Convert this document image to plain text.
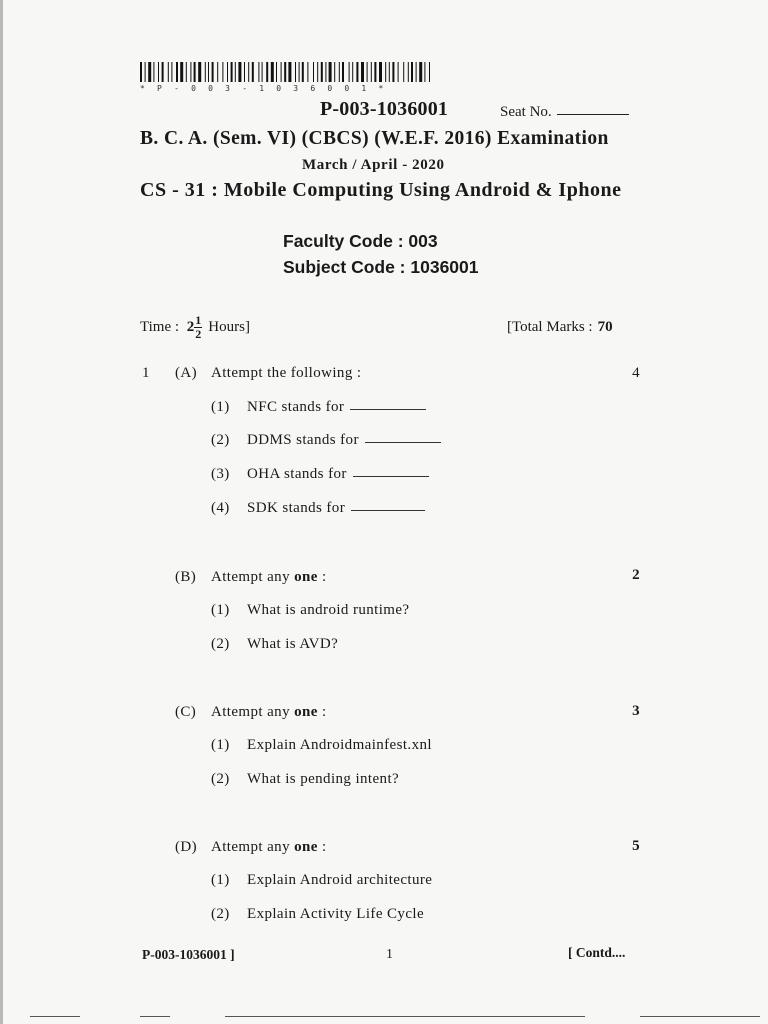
* P - 0 0 3 - 1 0 3 6 0 0 1 *
P-003-1036001	Seat No.
B. C. A. (Sem. VI) (CBCS) (W.E.F. 2016) Examination
March / April - 2020
CS - 31 : Mobile Computing Using Android & Iphone
Faculty Code : 003
Subject Code : 1036001
Time : $2 \frac{1}{2}$ Hours]	[Total Marks : 70
1 (A) Attempt the following :	4
(1) NFC stands for
(2) DDMS stands for
(3) OHA stands for
(4) SDK stands for
(B) Attempt any one :	2
(1) What is android runtime?
(2) What is AVD?
(C) Attempt any one :	3
(1) Explain Androidmainfest.xnl
(2) What is pending intent?
(D) Attempt any one :	5
(1) Explain Android architecture
(2) Explain Activity Life Cycle
P-003-1036001 ]	1	[ Contd....
